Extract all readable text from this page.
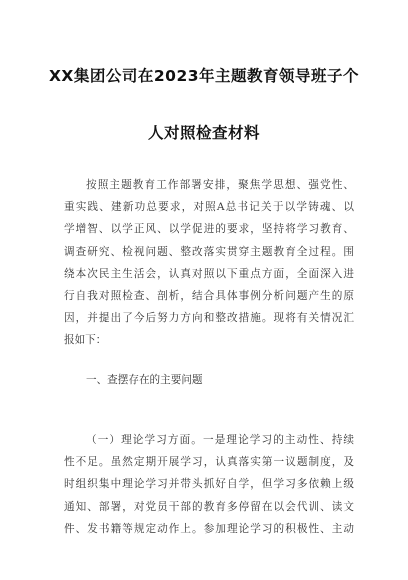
XX集团公司在2023年主题教育领导班子个
人对照检查材料
按照主题教育工作部署安排，聚焦学思想、强党性、
重实践、建新功总要求，对照A总书记关于以学铸魂、以
学增智、以学正风、以学促进的要求，坚持将学习教育、
调查研究、检视问题、整改落实贯穿主题教育全过程。围
绕本次民主生活会，认真对照以下重点方面，全面深入进
行自我对照检查、剖析，结合具体事例分析问题产生的原
因，并提出了今后努力方向和整改措施。现将有关情况汇
报如下：
一、查摆存在的主要问题
（一）理论学习方面。一是理论学习的主动性、持续
性不足。虽然定期开展学习，认真落实第一议题制度，及
时组织集中理论学习并带头抓好自学，但学习多依赖上级
通知、部署，对党员干部的教育多停留在以会代训、读文
件、发书籍等规定动作上。参加理论学习的积极性、主动
